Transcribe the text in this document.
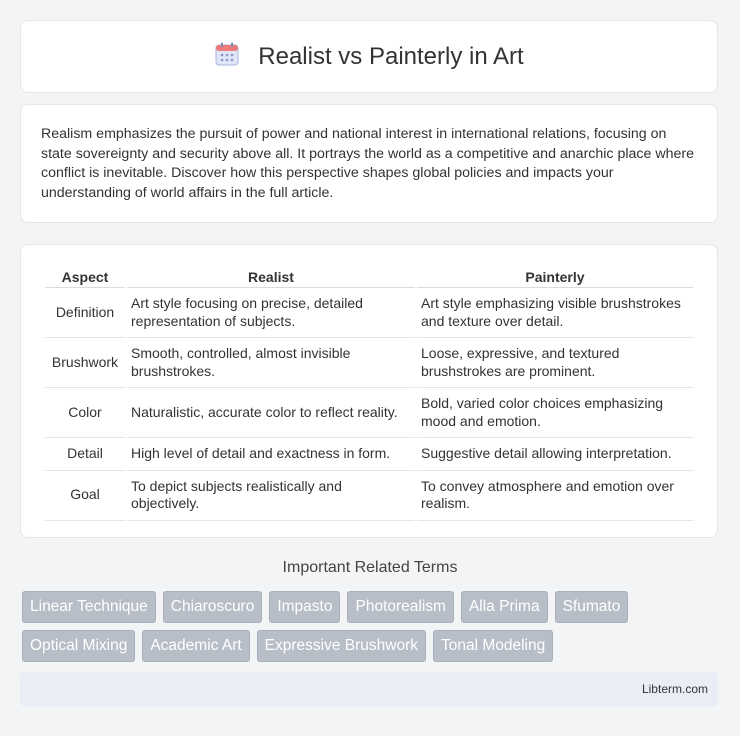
Realist vs Painterly in Art

Realism emphasizes the pursuit of power and national interest in international relations, focusing on state sovereignty and security above all. It portrays the world as a competitive and anarchic place where conflict is inevitable. Discover how this perspective shapes global policies and impacts your understanding of world affairs in the full article.

Aspect	Realist	Painterly
Definition	Art style focusing on precise, detailed representation of subjects.	Art style emphasizing visible brushstrokes and texture over detail.
Brushwork	Smooth, controlled, almost invisible brushstrokes.	Loose, expressive, and textured brushstrokes are prominent.
Color	Naturalistic, accurate color to reflect reality.	Bold, varied color choices emphasizing mood and emotion.
Detail	High level of detail and exactness in form.	Suggestive detail allowing interpretation.
Goal	To depict subjects realistically and objectively.	To convey atmosphere and emotion over realism.
Important Related Terms
Linear Technique	Chiaroscuro	Impasto	Photorealism	Alla Prima	Sfumato
Optical Mixing	Academic Art	Expressive Brushwork	Tonal Modeling
Libterm.com
